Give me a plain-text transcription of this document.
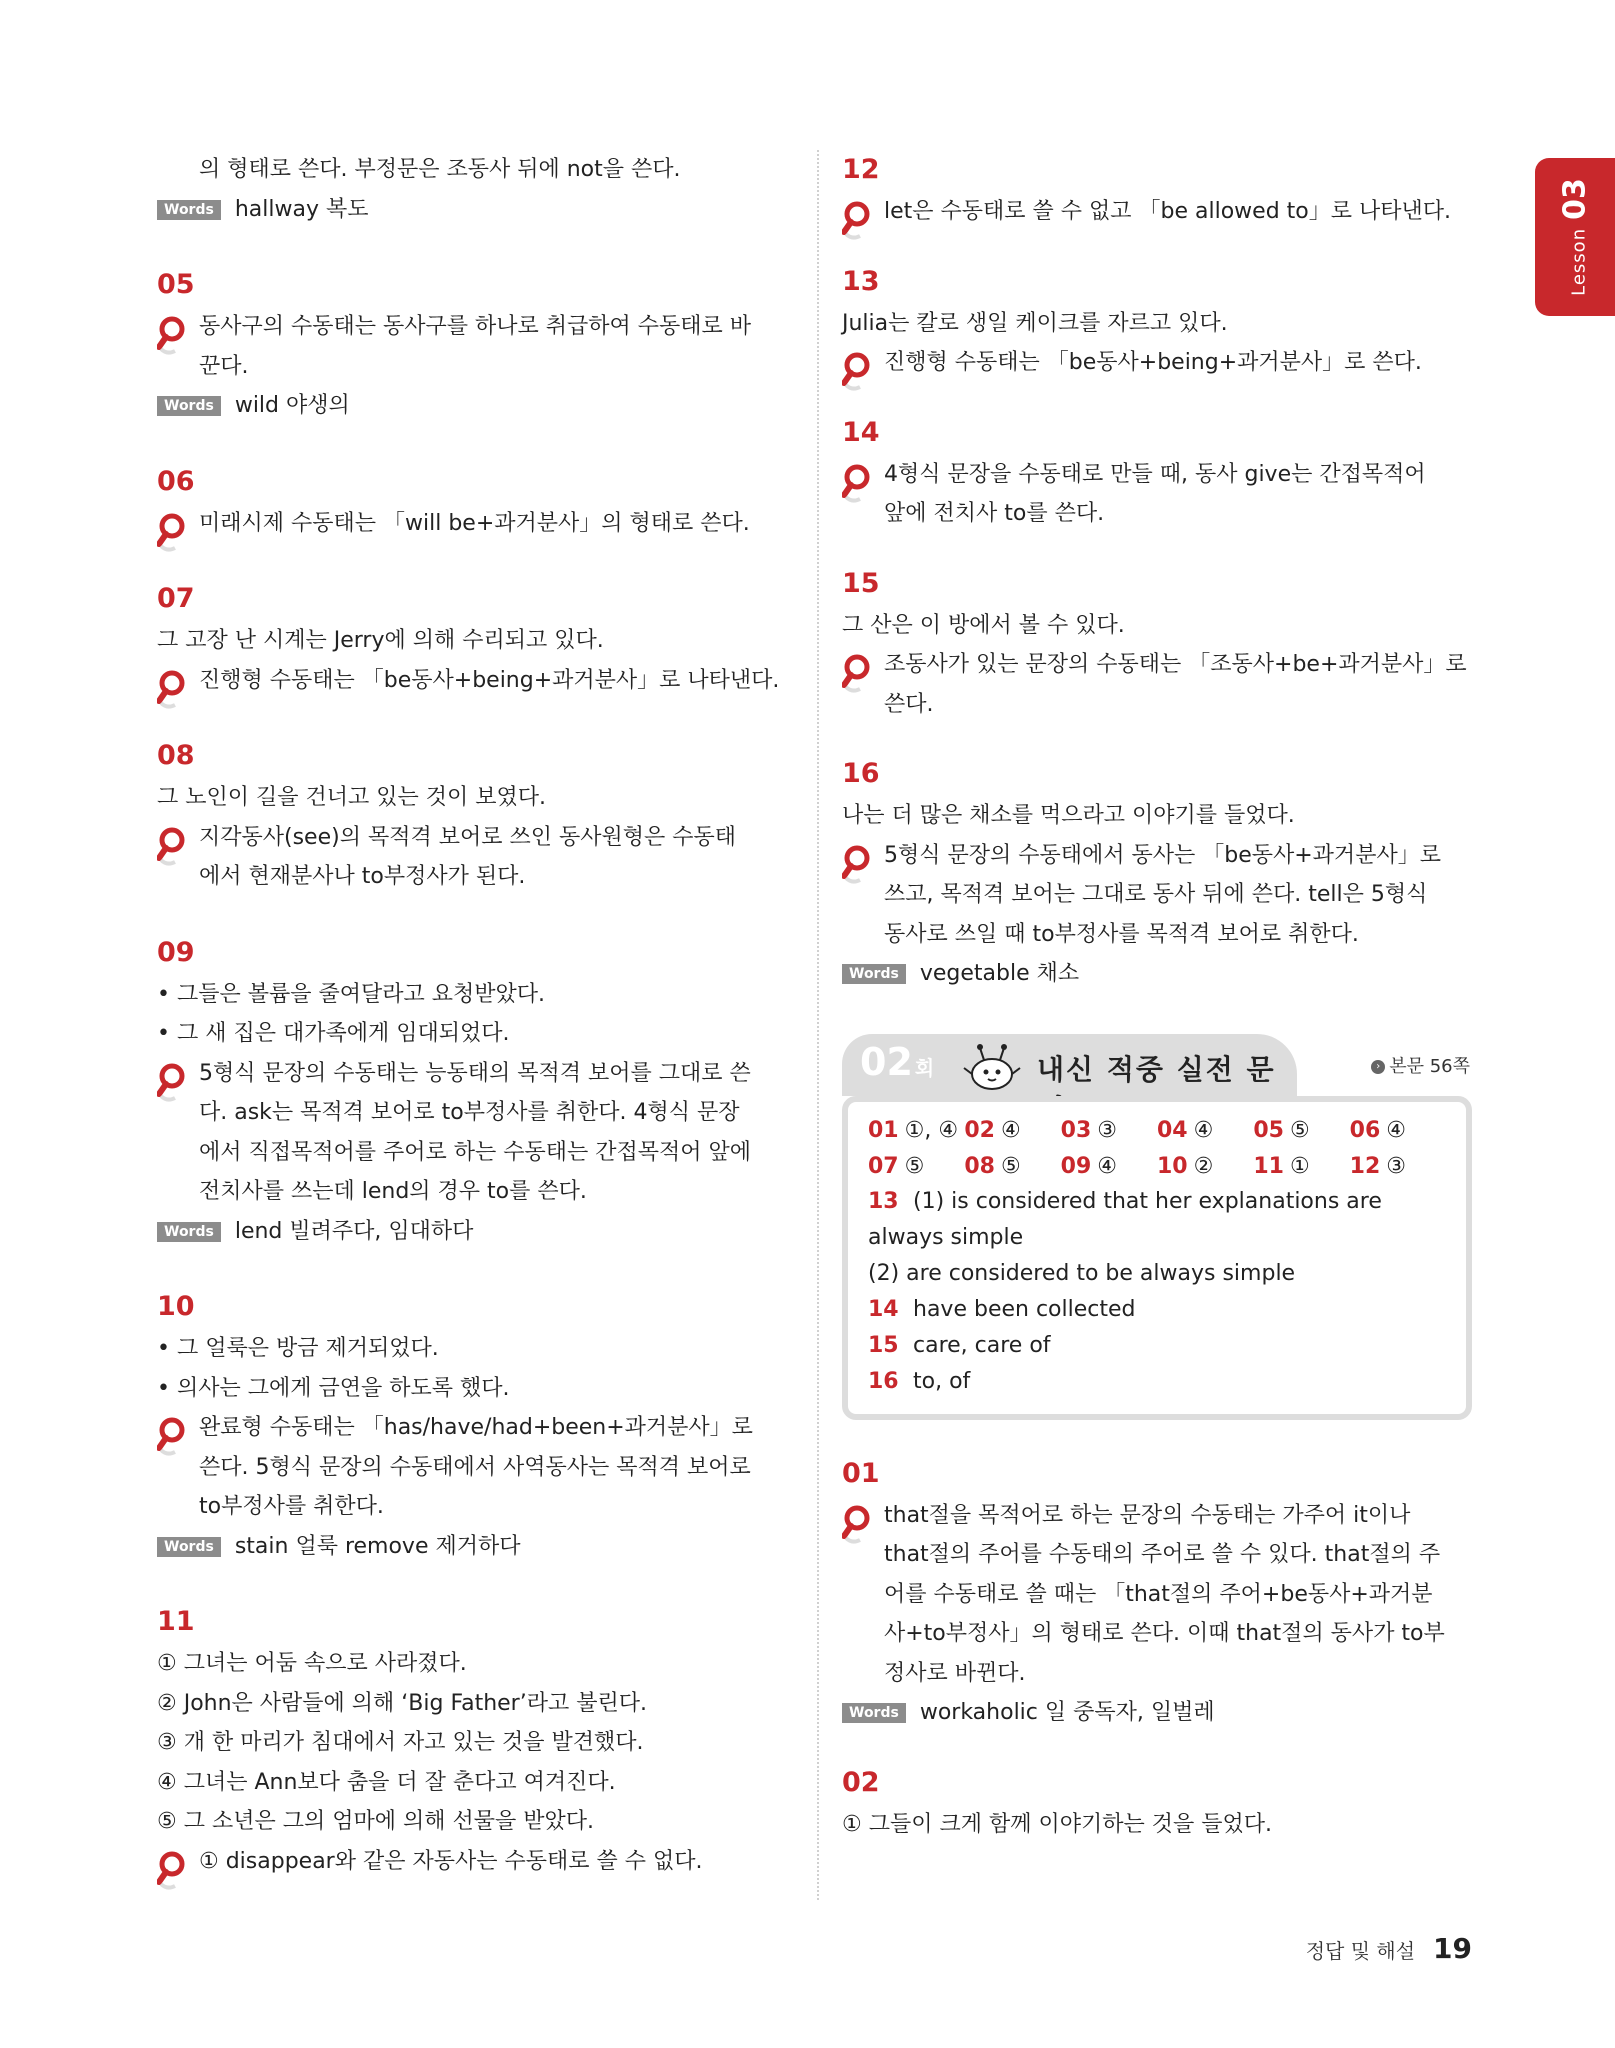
Lesson03
의 형태로 쓴다. 부정문은 조동사 뒤에 not을 쓴다.
Words hallway 복도
05
동사구의 수동태는 동사구를 하나로 취급하여 수동태로 바
꾼다.
Words wild 야생의
06
미래시제 수동태는 「will be+과거분사」의 형태로 쓴다.
07
그 고장 난 시계는 Jerry에 의해 수리되고 있다.
진행형 수동태는 「be동사+being+과거분사」로 나타낸다.
08
그 노인이 길을 건너고 있는 것이 보였다.
지각동사(see)의 목적격 보어로 쓰인 동사원형은 수동태
에서 현재분사나 to부정사가 된다.
09
• 그들은 볼륨을 줄여달라고 요청받았다.
• 그 새 집은 대가족에게 임대되었다.
5형식 문장의 수동태는 능동태의 목적격 보어를 그대로 쓴
다. ask는 목적격 보어로 to부정사를 취한다. 4형식 문장
에서 직접목적어를 주어로 하는 수동태는 간접목적어 앞에
전치사를 쓰는데 lend의 경우 to를 쓴다.
Words lend 빌려주다, 임대하다
10
• 그 얼룩은 방금 제거되었다.
• 의사는 그에게 금연을 하도록 했다.
완료형 수동태는 「has/have/had+been+과거분사」로
쓴다. 5형식 문장의 수동태에서 사역동사는 목적격 보어로
to부정사를 취한다.
Words stain 얼룩 remove 제거하다
11
① 그녀는 어둠 속으로 사라졌다.
② John은 사람들에 의해 ‘Big Father’라고 불린다.
③ 개 한 마리가 침대에서 자고 있는 것을 발견했다.
④ 그녀는 Ann보다 춤을 더 잘 춘다고 여겨진다.
⑤ 그 소년은 그의 엄마에 의해 선물을 받았다.
① disappear와 같은 자동사는 수동태로 쓸 수 없다.
12
let은 수동태로 쓸 수 없고 「be allowed to」로 나타낸다.
13
Julia는 칼로 생일 케이크를 자르고 있다.
진행형 수동태는 「be동사+being+과거분사」로 쓴다.
14
4형식 문장을 수동태로 만들 때, 동사 give는 간접목적어
앞에 전치사 to를 쓴다.
15
그 산은 이 방에서 볼 수 있다.
조동사가 있는 문장의 수동태는 「조동사+be+과거분사」로
쓴다.
16
나는 더 많은 채소를 먹으라고 이야기를 들었다.
5형식 문장의 수동태에서 동사는 「be동사+과거분사」로
쓰고, 목적격 보어는 그대로 동사 뒤에 쓴다. tell은 5형식
동사로 쓰일 때 to부정사를 목적격 보어로 취한다.
Words vegetable 채소
02 회	내신 적중 실전 문	› 본문 56쪽
01 ①, ④ 02 ④	03 ③	04 ④	05 ⑤	06 ④
07 ⑤	08 ⑤	09 ④	10 ②	11 ①	12 ③
13 (1) is considered that her explanations are
always simple
(2) are considered to be always simple
14 have been collected
15 care, care of
16 to, of
01
that절을 목적어로 하는 문장의 수동태는 가주어 it이나
that절의 주어를 수동태의 주어로 쓸 수 있다. that절의 주
어를 수동태로 쓸 때는 「that절의 주어+be동사+과거분
사+to부정사」의 형태로 쓴다. 이때 that절의 동사가 to부
정사로 바뀐다.
Words workaholic 일 중독자, 일벌레
02
① 그들이 크게 함께 이야기하는 것을 들었다.
정답 및 해설 19
